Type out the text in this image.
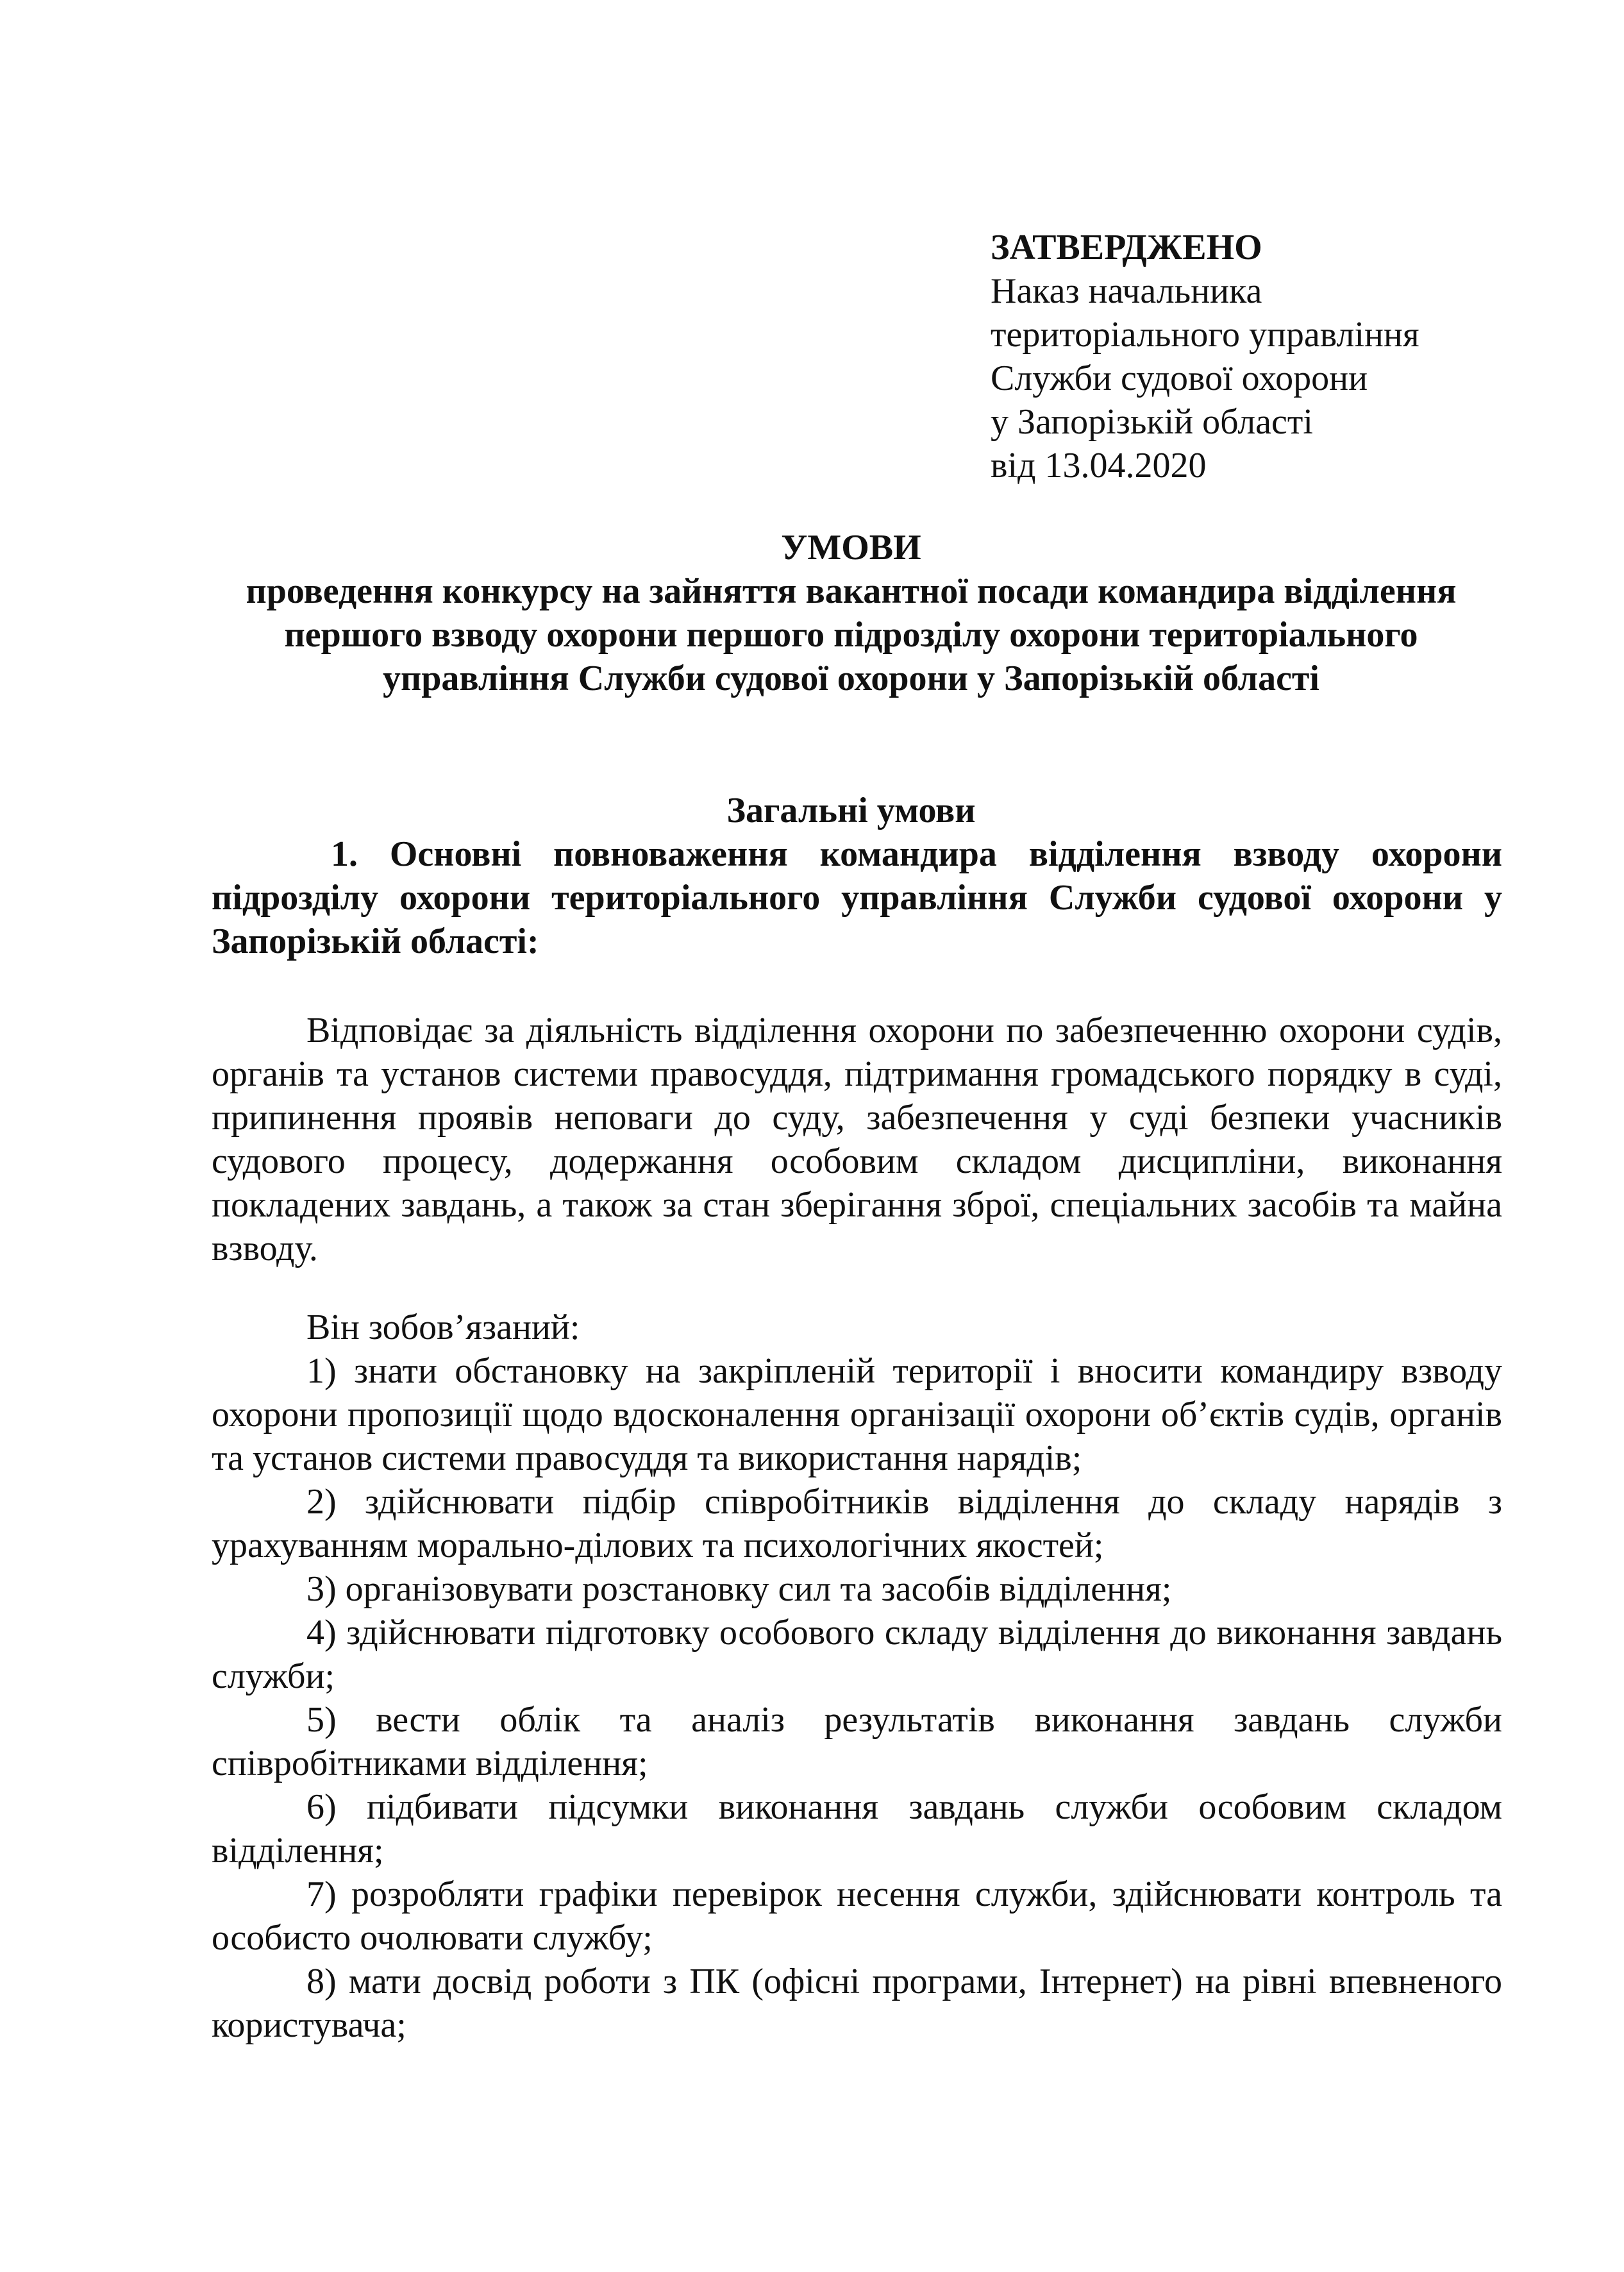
ЗАТВЕРДЖЕНО
Наказ начальника
територіального управління
Служби судової охорони
у Запорізькій області
від 13.04.2020
УМОВИ
проведення конкурсу на зайняття вакантної посади командира відділення першого взводу охорони першого підрозділу охорони територіального управління Служби судової охорони у Запорізькій області
Загальні умови

1. Основні повноваження командира відділення взводу охорони підрозділу охорони територіального управління Служби судової охорони у Запорізькій області:

Відповідає за діяльність відділення охорони по забезпеченню охорони судів, органів та установ системи правосуддя, підтримання громадського порядку в суді, припинення проявів неповаги до суду, забезпечення у суді безпеки учасників судового процесу, додержання особовим складом дисципліни, виконання покладених завдань, а також за стан зберігання зброї, спеціальних засобів та майна взводу.

Він зобов’язаний:

1) знати обстановку на закріпленій території і вносити командиру взводу охорони пропозиції щодо вдосконалення організації охорони об’єктів судів, органів та установ системи правосуддя та використання нарядів;

2) здійснювати підбір співробітників відділення до складу нарядів з урахуванням морально-ділових та психологічних якостей;

3) організовувати розстановку сил та засобів відділення;

4) здійснювати підготовку особового складу відділення до виконання завдань служби;

5) вести облік та аналіз результатів виконання завдань служби співробітниками відділення;

6) підбивати підсумки виконання завдань служби особовим складом відділення;

7) розробляти графіки перевірок несення служби, здійснювати контроль та особисто очолювати службу;

8) мати досвід роботи з ПК (офісні програми, Інтернет) на рівні впевненого користувача;
